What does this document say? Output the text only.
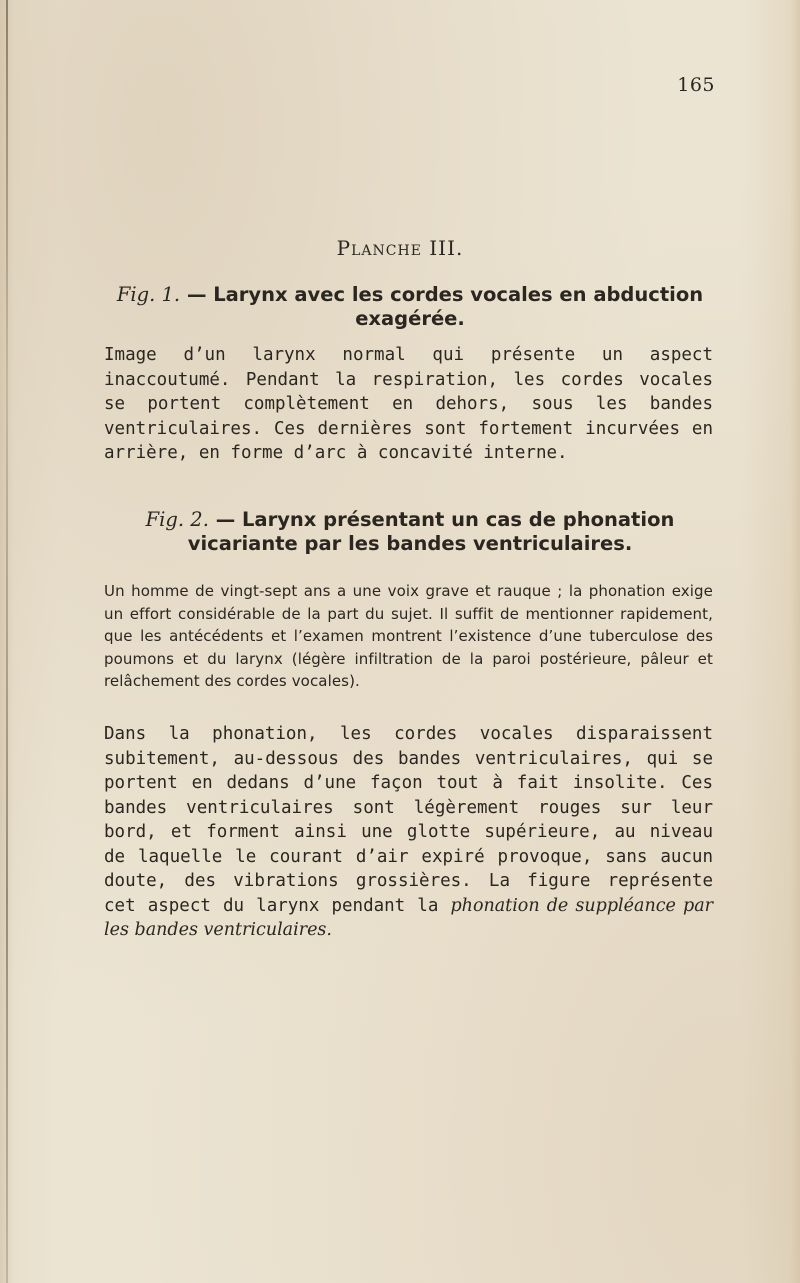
165
Planche III.
Fig. 1. — Larynx avec les cordes vocales en abduction exagérée.
Image d’un larynx normal qui présente un aspect inaccoutumé. Pendant la respiration, les cordes vocales se portent complètement en dehors, sous les bandes ventriculaires. Ces dernières sont fortement incurvées en arrière, en forme d’arc à concavité interne.
Fig. 2. — Larynx présentant un cas de phonation vicariante par les bandes ventriculaires.
Un homme de vingt-sept ans a une voix grave et rauque ; la phonation exige un effort considérable de la part du sujet. Il suffit de mentionner rapidement, que les antécédents et l’examen montrent l’existence d’une tuberculose des poumons et du larynx (légère infiltration de la paroi postérieure, pâleur et relâchement des cordes vocales).
Dans la phonation, les cordes vocales disparaissent subitement, au-dessous des bandes ventriculaires, qui se portent en dedans d’une façon tout à fait insolite. Ces bandes ventriculaires sont légèrement rouges sur leur bord, et forment ainsi une glotte supérieure, au niveau de laquelle le courant d’air expiré provoque, sans aucun doute, des vibrations grossières. La figure représente cet aspect du larynx pendant la phonation de suppléance par les bandes ventriculaires.
